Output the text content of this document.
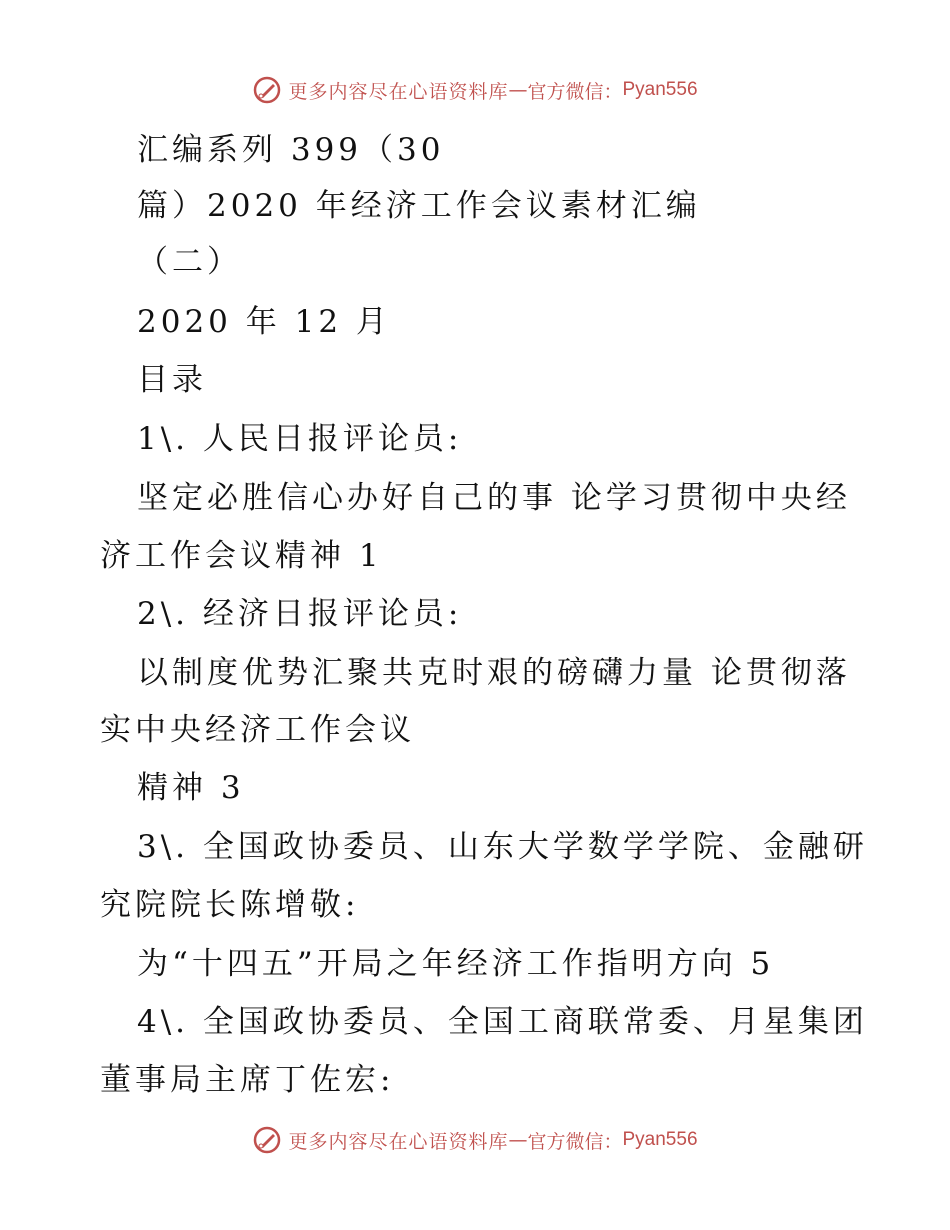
更多内容尽在心语资料库 — 官方微信： Pyan556
汇编系列 399（30
篇）2020 年经济工作会议素材汇编
（二）
2020 年 12 月
目录
1\. 人民日报评论员:
坚定必胜信心办好自己的事 论学习贯彻中央经
济工作会议精神 1
2\. 经济日报评论员:
以制度优势汇聚共克时艰的磅礴力量 论贯彻落
实中央经济工作会议
精神 3
3\. 全国政协委员、山东大学数学学院、金融研
究院院长陈增敬:
为“十四五”开局之年经济工作指明方向 5
4\. 全国政协委员、全国工商联常委、月星集团
董事局主席丁佐宏:
更多内容尽在心语资料库 — 官方微信： Pyan556
